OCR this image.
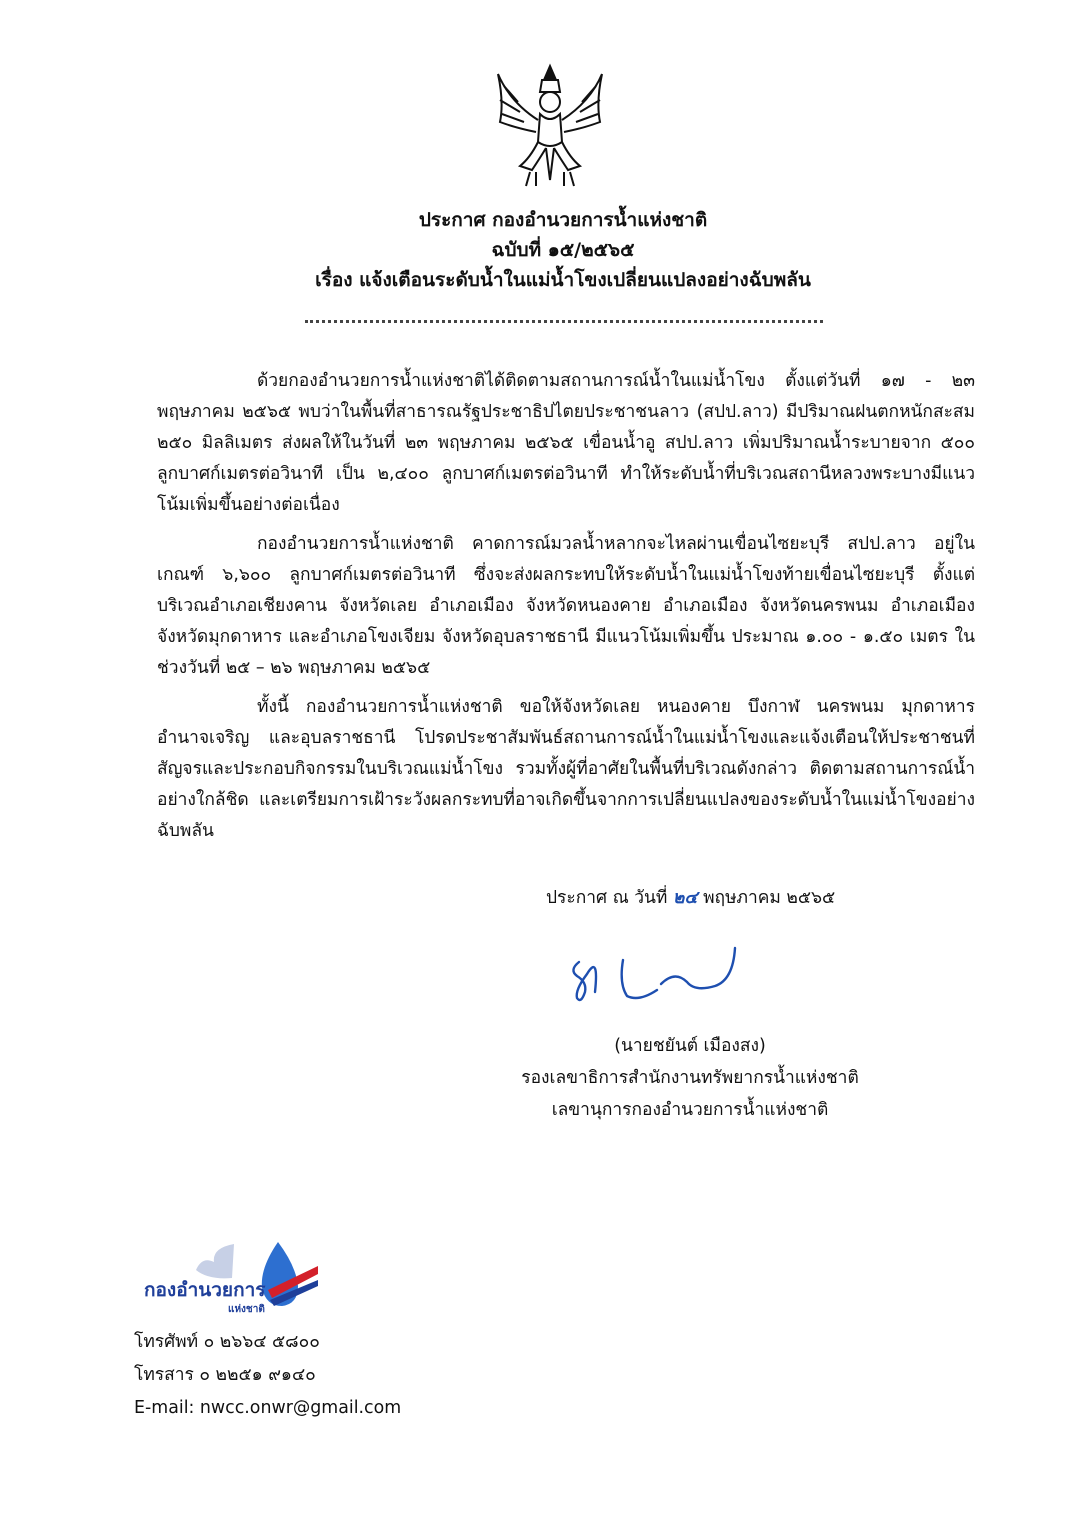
ประกาศ กองอำนวยการน้ำแห่งชาติ
ฉบับที่ ๑๕/๒๕๖๕
เรื่อง แจ้งเตือนระดับน้ำในแม่น้ำโขงเปลี่ยนแปลงอย่างฉับพลัน

ด้วยกองอำนวยการน้ำแห่งชาติได้ติดตามสถานการณ์น้ำในแม่น้ำโขง ตั้งแต่วันที่ ๑๗ - ๒๓ พฤษภาคม ๒๕๖๕ พบว่าในพื้นที่สาธารณรัฐประชาธิปไตยประชาชนลาว (สปป.ลาว) มีปริมาณฝนตกหนักสะสม ๒๕๐ มิลลิเมตร ส่งผลให้ในวันที่ ๒๓ พฤษภาคม ๒๕๖๕ เขื่อนน้ำอู สปป.ลาว เพิ่มปริมาณน้ำระบายจาก ๕๐๐ ลูกบาศก์เมตรต่อวินาที เป็น ๒,๔๐๐ ลูกบาศก์เมตรต่อวินาที ทำให้ระดับน้ำที่บริเวณสถานีหลวงพระบางมีแนวโน้มเพิ่มขึ้นอย่างต่อเนื่อง

กองอำนวยการน้ำแห่งชาติ คาดการณ์มวลน้ำหลากจะไหลผ่านเขื่อนไซยะบุรี สปป.ลาว อยู่ในเกณฑ์ ๖,๖๐๐ ลูกบาศก์เมตรต่อวินาที ซึ่งจะส่งผลกระทบให้ระดับน้ำในแม่น้ำโขงท้ายเขื่อนไซยะบุรี ตั้งแต่บริเวณอำเภอเชียงคาน จังหวัดเลย อำเภอเมือง จังหวัดหนองคาย อำเภอเมือง จังหวัดนครพนม อำเภอเมือง จังหวัดมุกดาหาร และอำเภอโขงเจียม จังหวัดอุบลราชธานี มีแนวโน้มเพิ่มขึ้น ประมาณ ๑.๐๐ - ๑.๕๐ เมตร ในช่วงวันที่ ๒๕ – ๒๖ พฤษภาคม ๒๕๖๕

ทั้งนี้ กองอำนวยการน้ำแห่งชาติ ขอให้จังหวัดเลย หนองคาย บึงกาฬ นครพนม มุกดาหาร อำนาจเจริญ และอุบลราชธานี โปรดประชาสัมพันธ์สถานการณ์น้ำในแม่น้ำโขงและแจ้งเตือนให้ประชาชนที่สัญจรและประกอบกิจกรรมในบริเวณแม่น้ำโขง รวมทั้งผู้ที่อาศัยในพื้นที่บริเวณดังกล่าว ติดตามสถานการณ์น้ำอย่างใกล้ชิด และเตรียมการเฝ้าระวังผลกระทบที่อาจเกิดขึ้นจากการเปลี่ยนแปลงของระดับน้ำในแม่น้ำโขงอย่างฉับพลัน

ประกาศ ณ วันที่ ๒๔ พฤษภาคม ๒๕๖๕
(นายชยันต์ เมืองสง)
รองเลขาธิการสำนักงานทรัพยากรน้ำแห่งชาติ
เลขานุการกองอำนวยการน้ำแห่งชาติ
กองอำนวยการ
แห่งชาติ
โทรศัพท์ ๐ ๒๖๖๔ ๕๘๐๐
โทรสาร ๐ ๒๒๕๑ ๙๑๔๐
E-mail: nwcc.onwr@gmail.com
